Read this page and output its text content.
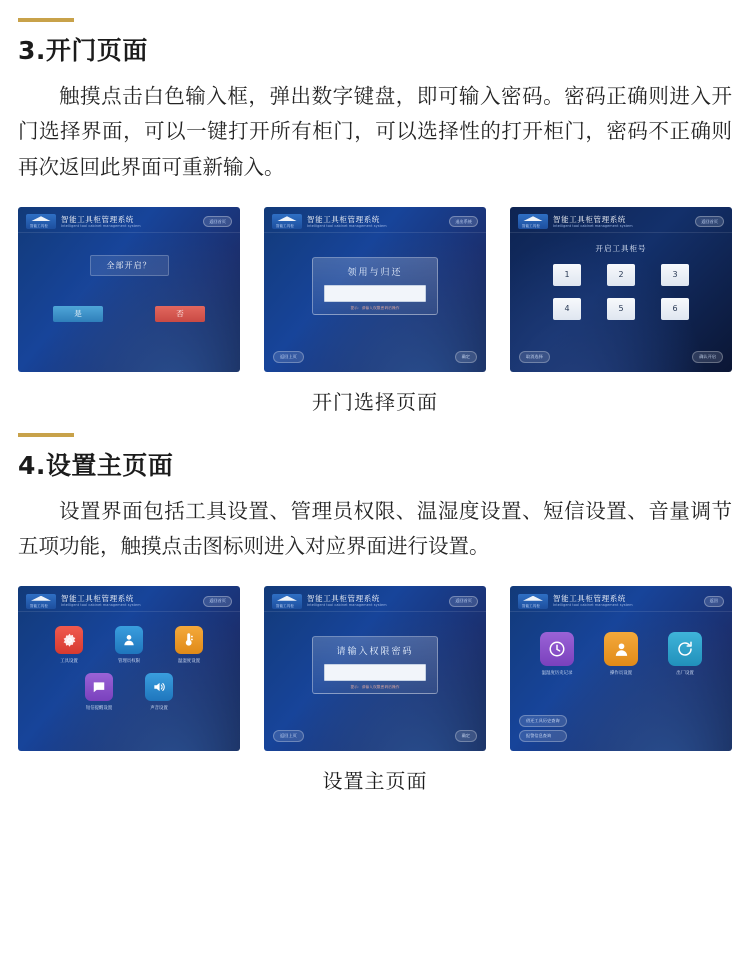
3.开门页面

触摸点击白色输入框，弹出数字键盘，即可输入密码。密码正确则进入开门选择界面，可以一键打开所有柜门，可以选择性的打开柜门，密码不正确则再次返回此界面可重新输入。

智能工具柜
智能工具柜管理系统
Intelligent tool cabinet management system
返回首页
全部开启？
是	否
智能工具柜
智能工具柜管理系统
Intelligent tool cabinet management system
退出系统
领用与归还
提示：请输入权限密码后操作
返回上页	确定
智能工具柜
智能工具柜管理系统
Intelligent tool cabinet management system
返回首页
开启工具柜号
1	2	3
4	5	6
取消选择	确认开启
开门选择页面
4.设置主页面

设置界面包括工具设置、管理员权限、温湿度设置、短信设置、音量调节五项功能，触摸点击图标则进入对应界面进行设置。

智能工具柜
智能工具柜管理系统
Intelligent tool cabinet management system
返回首页
工具设置	管理员权限	温湿度设置
短信提醒设置	声音设置
智能工具柜
智能工具柜管理系统
Intelligent tool cabinet management system
返回首页
请输入权限密码
提示：请输入权限密码后操作
返回上页	确定
智能工具柜
智能工具柜管理系统
Intelligent tool cabinet management system
返回
温湿度历史记录	操作员设置	出厂设置
借还工具历史查询
报警信息查询
设置主页面
